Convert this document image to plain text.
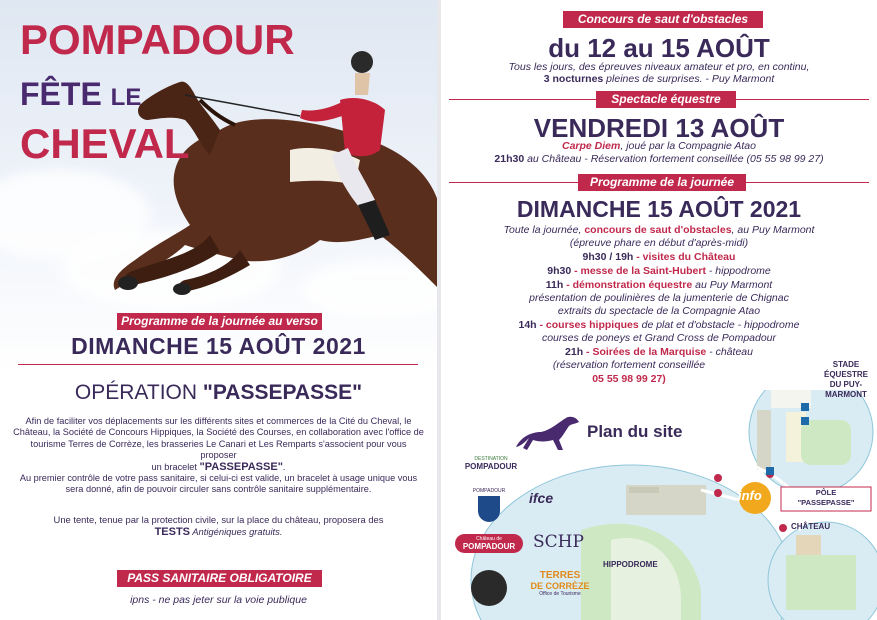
POMPADOUR
FÊTE LE
CHEVAL
Programme de la journée au verso
DIMANCHE 15 AOÛT 2021
OPÉRATION "PASSEPASSE"
Afin de faciliter vos déplacements sur les différents sites et commerces de la Cité du Cheval, le Château, la Société de Concours Hippiques, la Société des Courses, en collaboration avec l'office de tourisme Terres de Corrèze, les brasseries Le Canari et Les Remparts s'associent pour vous proposer
un bracelet "PASSEPASSE".
Au premier contrôle de votre pass sanitaire, si celui-ci est valide, un bracelet à usage unique vous sera donné, afin de pouvoir circuler sans contrôle sanitaire supplémentaire.
Une tente, tenue par la protection civile, sur la place du château, proposera des
TESTS Antigéniques gratuits.
PASS SANITAIRE OBLIGATOIRE
ipns - ne pas jeter sur la voie publique
Concours de saut d'obstacles
du 12 au 15 AOÛT
Tous les jours, des épreuves niveaux amateur et pro, en continu,
3 nocturnes pleines de surprises. - Puy Marmont
Spectacle équestre
VENDREDI 13 AOÛT
Carpe Diem, joué par la Compagnie Atao
21h30 au Château - Réservation fortement conseillée (05 55 98 99 27)
Programme de la journée
DIMANCHE 15 AOÛT 2021
Toute la journée, concours de saut d'obstacles, au Puy Marmont
(épreuve phare en début d'après-midi)
9h30 / 19h - visites du Château
9h30 - messe de la Saint-Hubert - hippodrome
11h - démonstration équestre au Puy Marmont
présentation de poulinières de la jumenterie de Chignac
extraits du spectacle de la Compagnie Atao
14h - courses hippiques de plat et d'obstacle - hippodrome
courses de poneys et Grand Cross de Pompadour
21h - Soirées de la Marquise - château
(réservation fortement conseillée
05 55 98 99 27)
Plan du site
STADE
ÉQUESTRE
DU PUY-
MARMONT
info	PÔLE
"PASSEPASSE"
CHÂTEAU
HIPPODROME
DESTINATION
POMPADOUR
POMPADOUR ifce
Château de
POMPADOUR SCHP
TERRES
DE CORRÈZE
Office de Tourisme
